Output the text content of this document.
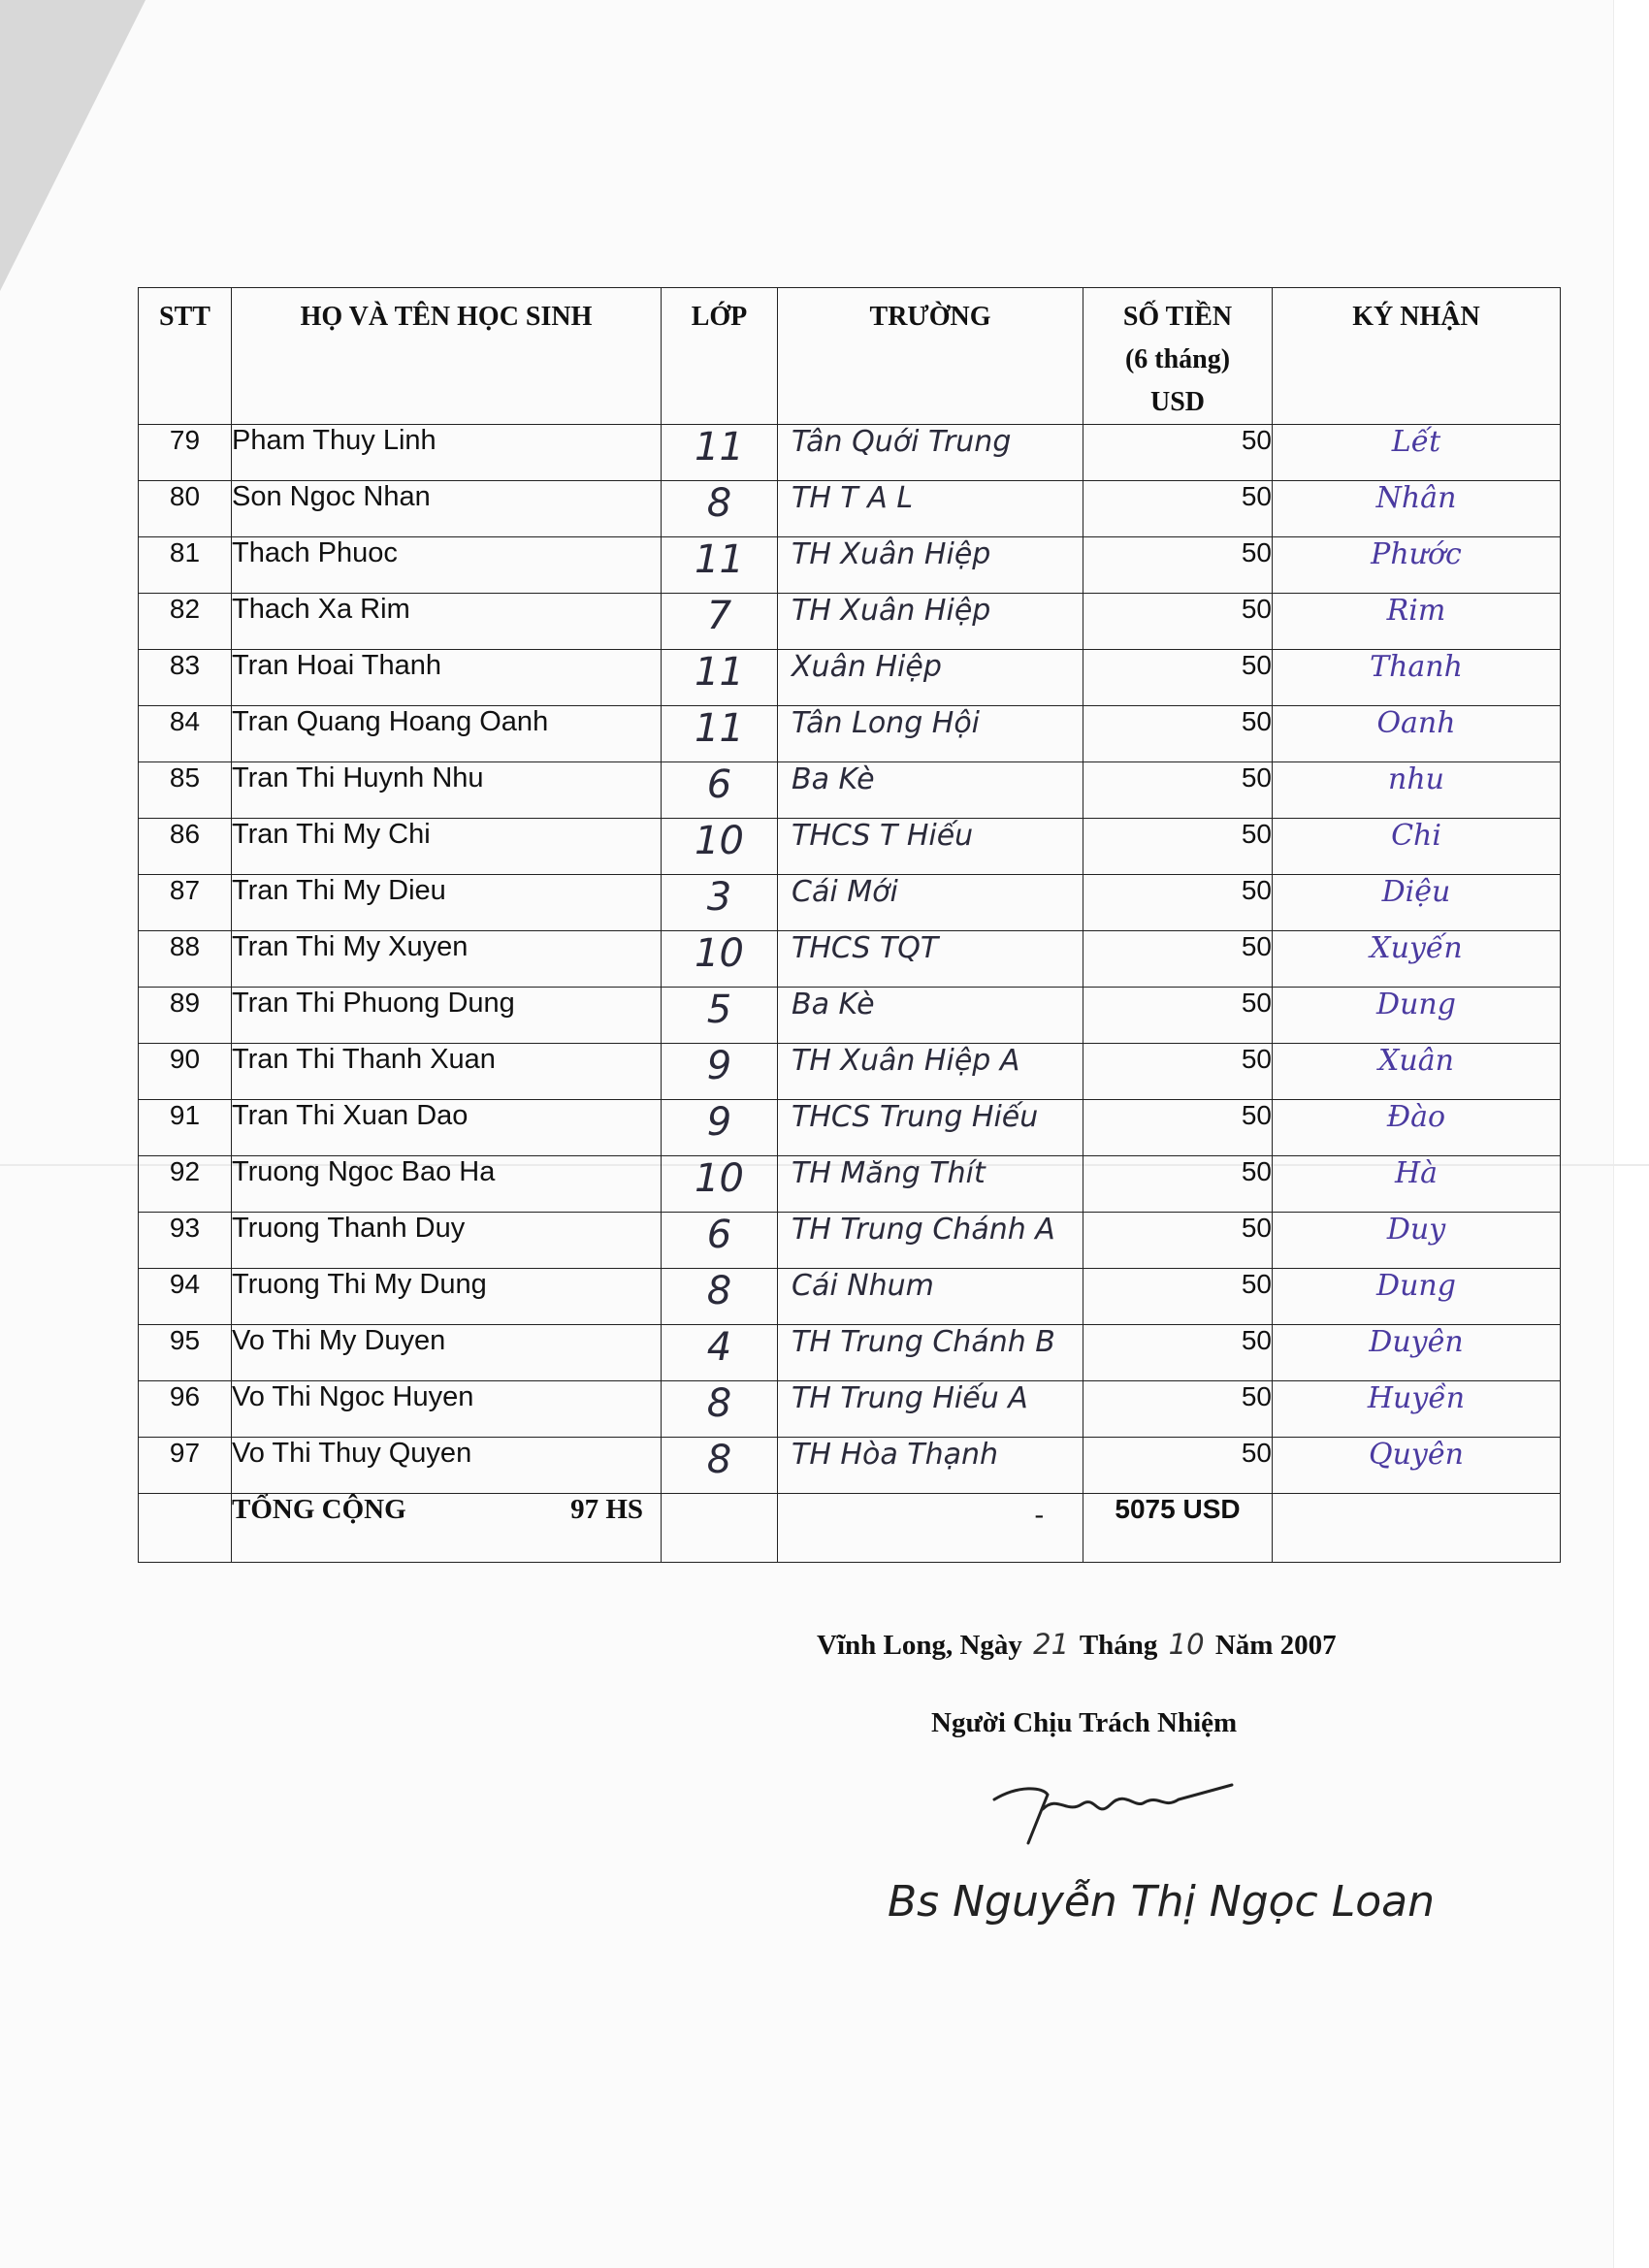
STT	HỌ VÀ TÊN HỌC SINH	LỚP	TRƯỜNG	SỐ TIỀN
(6 tháng)
USD	KÝ NHẬN
79	Pham Thuy Linh	11	Tân Quới Trung	50	Lết
80	Son Ngoc Nhan	8	TH T A L	50	Nhân
81	Thach Phuoc	11	TH Xuân Hiệp	50	Phước
82	Thach Xa Rim	7	TH Xuân Hiệp	50	Rim
83	Tran Hoai Thanh	11	Xuân Hiệp	50	Thanh
84	Tran Quang Hoang Oanh	11	Tân Long Hội	50	Oanh
85	Tran Thi Huynh Nhu	6	Ba Kè	50	nhu
86	Tran Thi My Chi	10	THCS T Hiếu	50	Chi
87	Tran Thi My Dieu	3	Cái Mới	50	Diệu
88	Tran Thi My Xuyen	10	THCS TQT	50	Xuyến
89	Tran Thi Phuong Dung	5	Ba Kè	50	Dung
90	Tran Thi Thanh Xuan	9	TH Xuân Hiệp A	50	Xuân
91	Tran Thi Xuan Dao	9	THCS Trung Hiếu	50	Đào
92	Truong Ngoc Bao Ha	10	TH Măng Thít	50	Hà
93	Truong Thanh Duy	6	TH Trung Chánh A	50	Duy
94	Truong Thi My Dung	8	Cái Nhum	50	Dung
95	Vo Thi My Duyen	4	TH Trung Chánh B	50	Duyên
96	Vo Thi Ngoc Huyen	8	TH Trung Hiếu A	50	Huyền
97	Vo Thi Thuy Quyen	8	TH Hòa Thạnh	50	Quyên
	TỔNG CỘNG 97 HS		-	5075 USD	
Vĩnh Long, Ngày 21 Tháng 10 Năm 2007
Người Chịu Trách Nhiệm
Bs Nguyễn Thị Ngọc Loan
